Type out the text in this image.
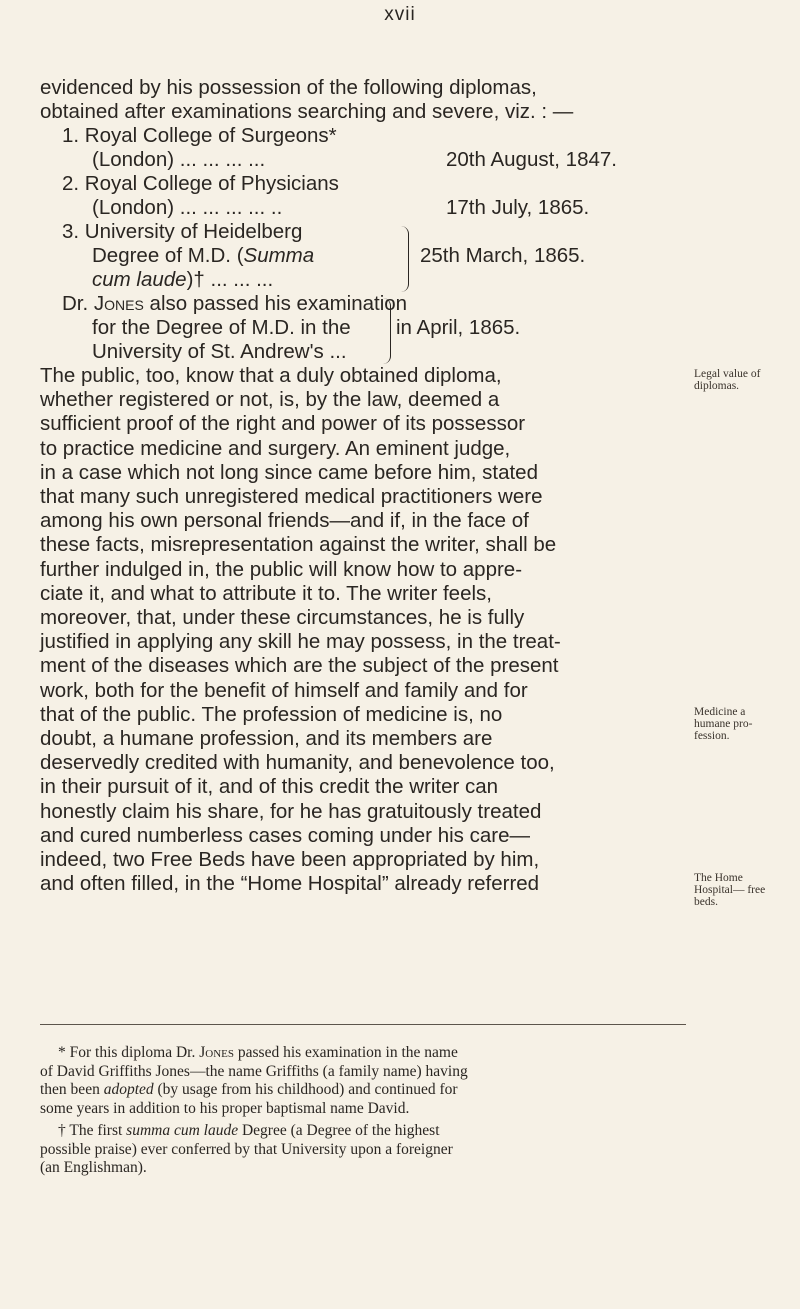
xvii
evidenced by his possession of the following diplomas,
obtained after examinations searching and severe, viz. : —
1. Royal College of Surgeons*
(London) ... ... ... ...	20th August, 1847.
2. Royal College of Physicians
(London) ... ... ... ... ..	17th July, 1865.
3. University of Heidelberg
Degree of M.D. (Summa
cum laude)† ... ... ...
25th March, 1865.
Dr. Jones also passed his examination
for the Degree of M.D. in the
University of St. Andrew's ...
in April, 1865.
The public, too, know that a duly obtained diploma,
whether registered or not, is, by the law, deemed a
sufficient proof of the right and power of its possessor
to practice medicine and surgery. An eminent judge,
in a case which not long since came before him, stated
that many such unregistered medical practitioners were
among his own personal friends—and if, in the face of
these facts, misrepresentation against the writer, shall be
further indulged in, the public will know how to appre-
ciate it, and what to attribute it to. The writer feels,
moreover, that, under these circumstances, he is fully
justified in applying any skill he may possess, in the treat-
ment of the diseases which are the subject of the present
work, both for the benefit of himself and family and for
that of the public. The profession of medicine is, no
doubt, a humane profession, and its members are
deservedly credited with humanity, and benevolence too,
in their pursuit of it, and of this credit the writer can
honestly claim his share, for he has gratuitously treated
and cured numberless cases coming under his care—
indeed, two Free Beds have been appropriated by him,
and often filled, in the “Home Hospital” already referred
Legal value of diplomas.
Medicine a humane pro-fession.
The Home Hospital— free beds.
* For this diploma Dr. Jones passed his examination in the name
of David Griffiths Jones—the name Griffiths (a family name) having
then been adopted (by usage from his childhood) and continued for
some years in addition to his proper baptismal name David.
† The first summa cum laude Degree (a Degree of the highest
possible praise) ever conferred by that University upon a foreigner
(an Englishman).
